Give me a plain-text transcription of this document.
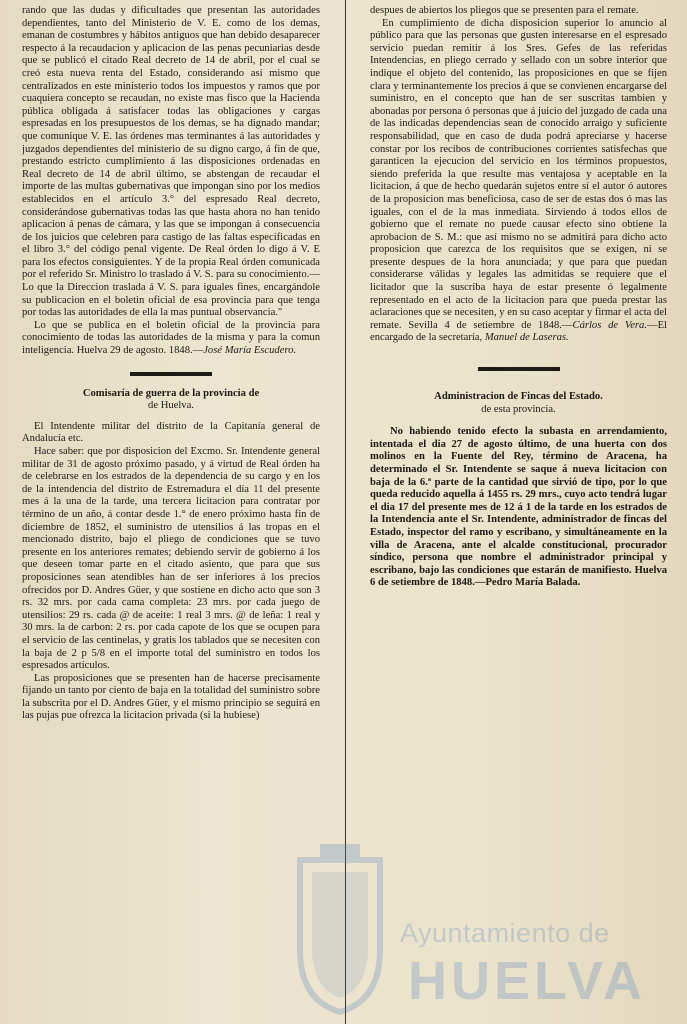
rando que las dudas y dificultades que presentan las autoridades dependientes, tanto del Ministerio de V. E. como de los demas, emanan de costumbres y hábitos antiguos que han debido desaparecer respecto á la recaudacion y aplicacion de las penas pecuniarias desde que se publicó el citado Real decreto de 14 de abril, por el cual se creó esta nueva renta del Estado, considerando así mismo que centralizados en este ministerio todos los impuestos y ramos que por cuaquiera concepto se recaudan, no existe mas fisco que la Hacienda pública obligada á satisfacer todas las obligaciones y cargas espresadas en los presupuestos de los demas, se ha dignado mandar; que comunique V. E. las órdenes mas terminantes á las autoridades y juzgados dependientes del ministerio de su digno cargo, á fin de que, prestando estricto cumplimiento á las disposiciones ordenadas en Real decreto de 14 de abril último, se abstengan de recaudar el importe de las multas gubernativas que impongan sino por los medios establecidos en el artículo 3.° del espresado Real decreto, considerándose gubernativas todas las que hasta ahora no han tenido aplicacion á penas de cámara, y las que se impongan á consecuencia de los juicios que celebren para castigo de las faltas especificadas en el libro 3.° del código penal vigente. De Real órden lo digo á V. E para los efectos consiguientes. Y de la propia Real órden comunicada por el referido Sr. Ministro lo traslado á V. S. para su conocimiento.—Lo que la Direccion traslada á V. S. para iguales fines, encargándole su publicacion en el boletin oficial de esa provincia para que tenga por todas las autoridades de ella la mas puntual observancia."

Lo que se publica en el boletin oficial de la provincia para conocimiento de todas las autoridades de la misma y para la comun inteligencia. Huelva 29 de agosto. 1848.—José María Escudero.

Comisaría de guerra de la provincia de

de Huelva.

El Intendente militar del distrito de la Capitanía general de Andalucía etc.

Hace saber: que por disposicion del Excmo. Sr. Intendente general militar de 31 de agosto próximo pasado, y á virtud de Real órden ha de celebrarse en los estrados de la dependencia de su cargo y en los de la intendencia del distrito de Estremadura el día 11 del presente mes á la una de la tarde, una tercera licitacion para contratar por término de un año, á contar desde 1.° de enero próximo hasta fin de diciembre de 1852, el suministro de utensilios á las tropas en el mencionado distrito, bajo el pliego de condiciones que se tuvo presente en los anteriores remates; debiendo servir de gobierno á los que deseen tomar parte en el citado asiento, que para que sus proposiciones sean atendibles han de ser inferiores á los precios ofrecidos por D. Andres Güer, y que sostiene en dicho acto que son 3 rs. 32 mrs. por cada cama completa: 23 mrs. por cada juego de utensilios: 29 rs. cada @ de aceite: 1 real 3 mrs. @ de leña: 1 real y 30 mrs. la de carbon: 2 rs. por cada capote de los que se ocupen para el servicio de las centinelas, y gratis los tablados que se necesiten con la baja de 2 p 5/8 en el importe total del suministro en todos los espresados artículos.

Las proposiciones que se presenten han de hacerse precisamente fijando un tanto por ciento de baja en la totalidad del suministro sobre la subscrita por el D. Andres Güer, y el mismo principio se seguirá en las pujas pue ofrezca la licitacion privada (si la hubiese)

despues de abiertos los pliegos que se presenten para el remate.

En cumplimiento de dicha disposicion superior lo anuncio al público para que las personas que gusten interesarse en el espresado servicio puedan remitir á los Sres. Gefes de las referidas Intendencias, en pliego cerrado y sellado con un sobre interior que indique el objeto del contenido, las proposiciones en que se fijen clara y terminantemente los precios á que se convienen encargarse del suministro, en el concepto que han de ser suscritas tambien y abonadas por persona ó personas que á juicio del juzgado de cada una de las indicadas dependencias sean de conocido arraigo y suficiente responsabilidad, que en caso de duda podrá apreciarse y hacerse constar por los recibos de contribuciones corrientes satisfechas que garanticen la ejecucion del servicio en los términos propuestos, siendo preferida la que resulte mas ventajosa y aceptable en la licitacion, á que de hecho quedarán sujetos entre sí el autor ó autores de la proposicion mas beneficiosa, caso de ser de estas dos ó mas las iguales, con el de la mas inmediata. Sirviendo á todos ellos de gobierno que el remate no puede causar efecto sino obtiene la aprobacion de S. M.: que así mismo no se admitirá para dicho acto proposicion que carezca de los requisitos que se exigen, ni se presente despues de la hora anunciada; y que para que puedan considerarse válidas y legales las admitidas se requiere que el licitador que la suscriba haya de estar presente ó legalmente representado en el acto de la licitacion para que pueda prestar las aclaraciones que se necesiten, y en su caso aceptar y firmar el acta del remate. Sevilla 4 de setiembre de 1848.—Cárlos de Vera.—El encargado de la secretaría, Manuel de Laseras.

Administracion de Fincas del Estado.

de esta provincia.

No habiendo tenido efecto la subasta en arrendamiento, intentada el dia 27 de agosto último, de una huerta con dos molinos en la Fuente del Rey, término de Aracena, ha determinado el Sr. Intendente se saque á nueva licitacion con baja de la 6.ª parte de la cantidad que sirvió de tipo, por lo que queda reducido aquella á 1455 rs. 29 mrs., cuyo acto tendrá lugar el dia 17 del presente mes de 12 á 1 de la tarde en los estrados de la Intendencia ante el Sr. Intendente, administrador de fincas del Estado, inspector del ramo y escribano, y simultáneamente en la villa de Aracena, ante el alcalde constitucional, procurador síndico, persona que nombre el administrador principal y escribano, bajo las condiciones que estarán de manifiesto. Huelva 6 de setiembre de 1848.—Pedro María Balada.

Ayuntamiento de
HUELVA
